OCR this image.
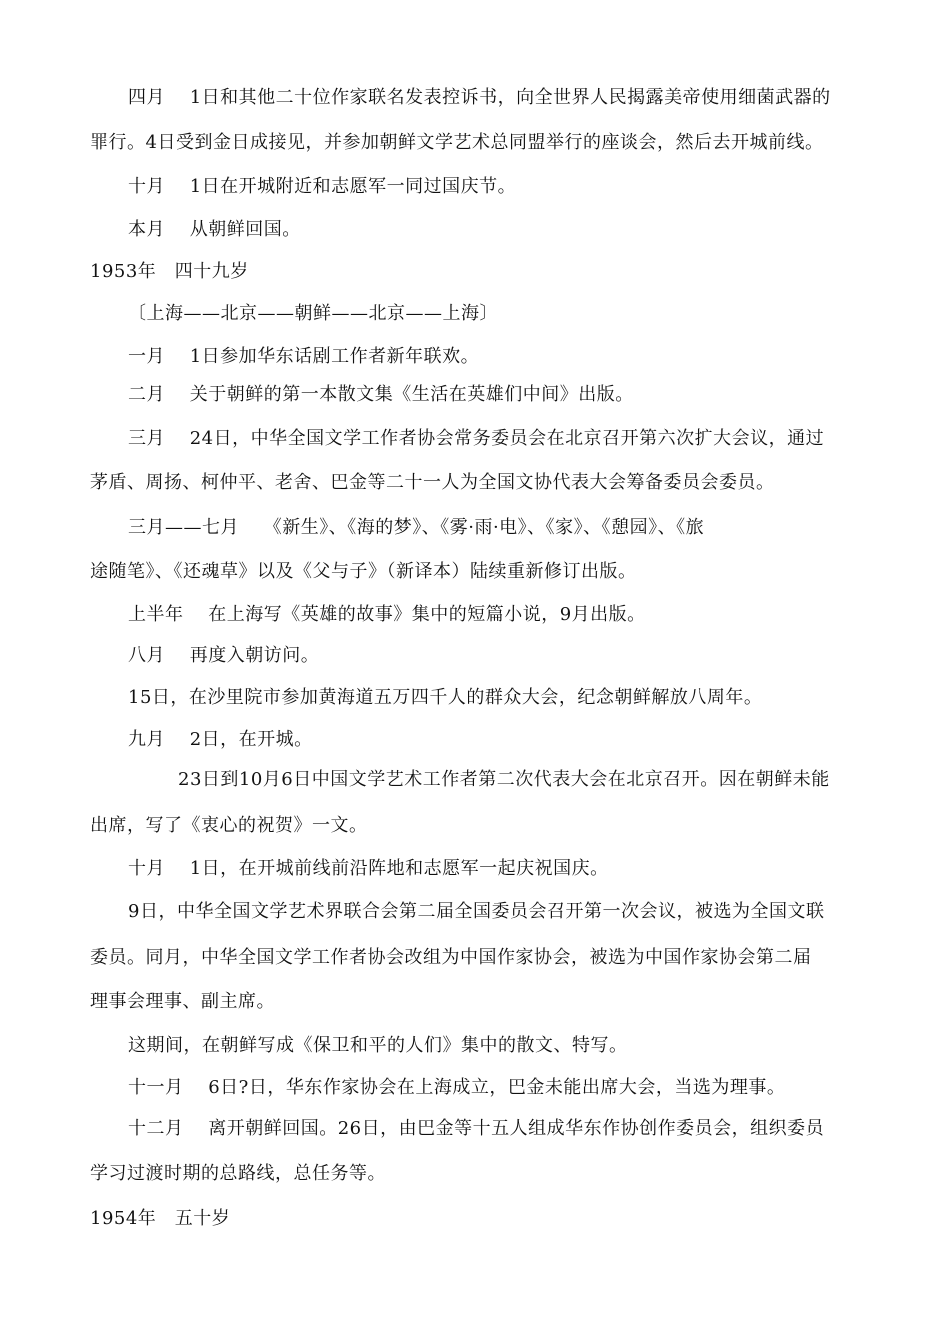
四月　 1日和其他二十位作家联名发表控诉书，向全世界人民揭露美帝使用细菌武器的
罪行。4日受到金日成接见，并参加朝鲜文学艺术总同盟举行的座谈会，然后去开城前线。
十月　 1日在开城附近和志愿军一同过国庆节。
本月　 从朝鲜回国。
1953年　四十九岁
〔上海——北京——朝鲜——北京——上海〕
一月　 1日参加华东话剧工作者新年联欢。
二月　 关于朝鲜的第一本散文集《生活在英雄们中间》出版。
三月　 24日，中华全国文学工作者协会常务委员会在北京召开第六次扩大会议，通过
茅盾、周扬、柯仲平、老舍、巴金等二十一人为全国文协代表大会筹备委员会委员。
三月——七月　 《新生》、《海的梦》、《雾·雨·电》、《家》、《憩园》、《旅
途随笔》、《还魂草》以及《父与子》（新译本）陆续重新修订出版。
上半年　 在上海写《英雄的故事》集中的短篇小说，9月出版。
八月　 再度入朝访问。
15日，在沙里院市参加黄海道五万四千人的群众大会，纪念朝鲜解放八周年。
九月　 2日，在开城。
23日到10月6日中国文学艺术工作者第二次代表大会在北京召开。因在朝鲜未能
出席，写了《衷心的祝贺》一文。
十月　 1日，在开城前线前沿阵地和志愿军一起庆祝国庆。
9日，中华全国文学艺术界联合会第二届全国委员会召开第一次会议，被选为全国文联
委员。同月，中华全国文学工作者协会改组为中国作家协会，被选为中国作家协会第二届
理事会理事、副主席。
这期间，在朝鲜写成《保卫和平的人们》集中的散文、特写。
十一月　 6日?日，华东作家协会在上海成立，巴金未能出席大会，当选为理事。
十二月　 离开朝鲜回国。26日，由巴金等十五人组成华东作协创作委员会，组织委员
学习过渡时期的总路线，总任务等。
1954年　五十岁
